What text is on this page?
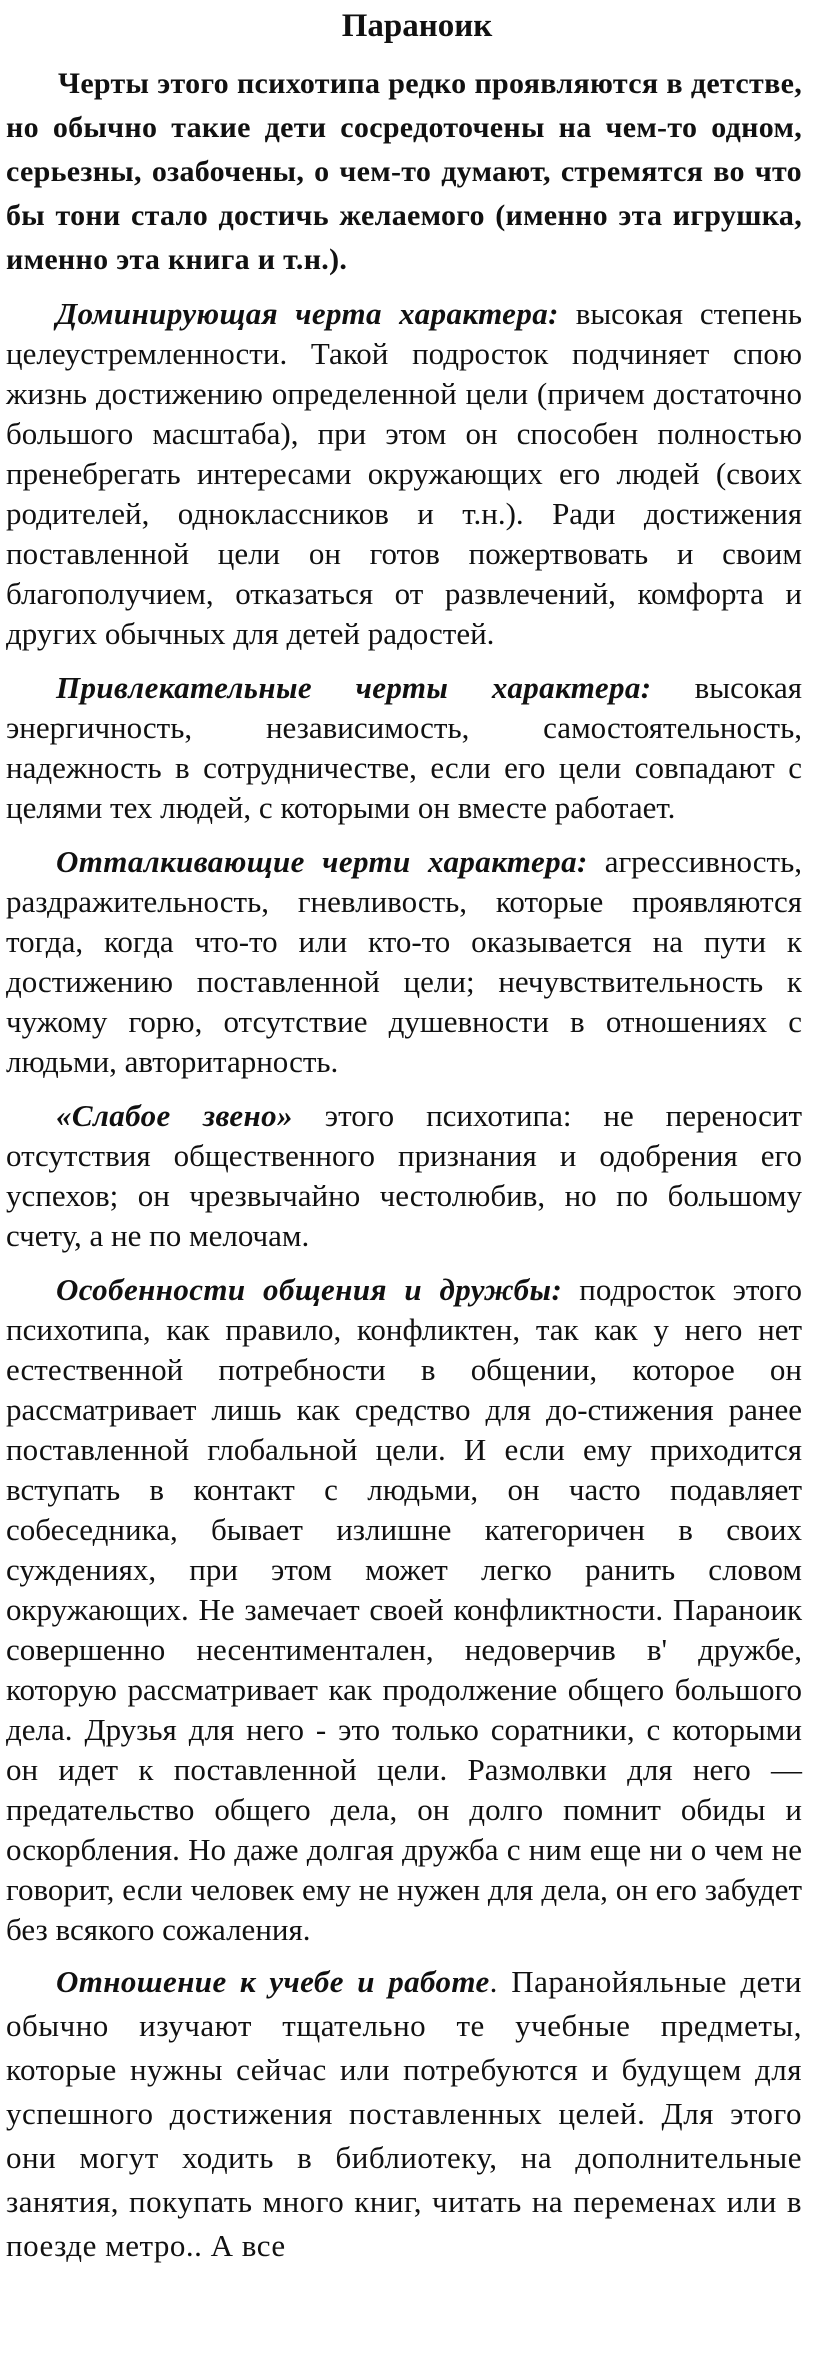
Параноик

Черты этого психотипа редко проявляются в детстве, но обычно такие дети сосредоточены на чем-то одном, серьезны, озабочены, о чем-то думают, стремятся во что бы тони стало достичь желаемого (именно эта игрушка, именно эта книга и т.н.).

Доминирующая черта характера: высокая степень целеустремленности. Такой подросток подчиняет спою жизнь достижению определенной цели (причем достаточно большого масштаба), при этом он способен полностью пренебрегать интересами окружающих его людей (своих родителей, одноклассников и т.н.). Ради достижения поставленной цели он готов пожертвовать и своим благополучием, отказаться от развлечений, комфорта и других обычных для детей радостей.

Привлекательные черты характера: высокая энергичность, независимость, самостоятельность, надежность в сотрудничестве, если его цели совпадают с целями тех людей, с которыми он вместе работает.

Отталкивающие черти характера: агрессивность, раздражительность, гневливость, которые проявляются тогда, когда что-то или кто-то оказывается на пути к достижению поставленной цели; нечувствительность к чужому горю, отсутствие душевности в отношениях с людьми, авторитарность.

«Слабое звено» этого психотипа: не переносит отсутствия общественного признания и одобрения его успехов; он чрезвычайно честолюбив, но по большому счету, а не по мелочам.

Особенности общения и дружбы: подросток этого психотипа, как правило, конфликтен, так как у него нет естественной потребности в общении, которое он рассматривает лишь как средство для до-стижения ранее поставленной глобальной цели. И если ему приходится вступать в контакт с людьми, он часто подавляет собеседника, бывает излишне категоричен в своих суждениях, при этом может легко ранить словом окружающих. Не замечает своей конфликтности. Параноик совершенно несентиментален, недоверчив в' дружбе, которую рассматривает как продолжение общего большого дела. Друзья для него - это только соратники, с которыми он идет к поставленной цели. Размолвки для него — предательство общего дела, он долго помнит обиды и оскорбления. Но даже долгая дружба с ним еще ни о чем не говорит, если человек ему не нужен для дела, он его забудет без всякого сожаления.

Отношение к учебе и работе. Паранойяльные дети обычно изучают тщательно те учебные предметы, которые нужны сейчас или потребуются и будущем для успешного достижения поставленных целей. Для этого они могут ходить в библиотеку, на дополнительные занятия, покупать много книг, читать на переменах или в поезде метро.. А все
